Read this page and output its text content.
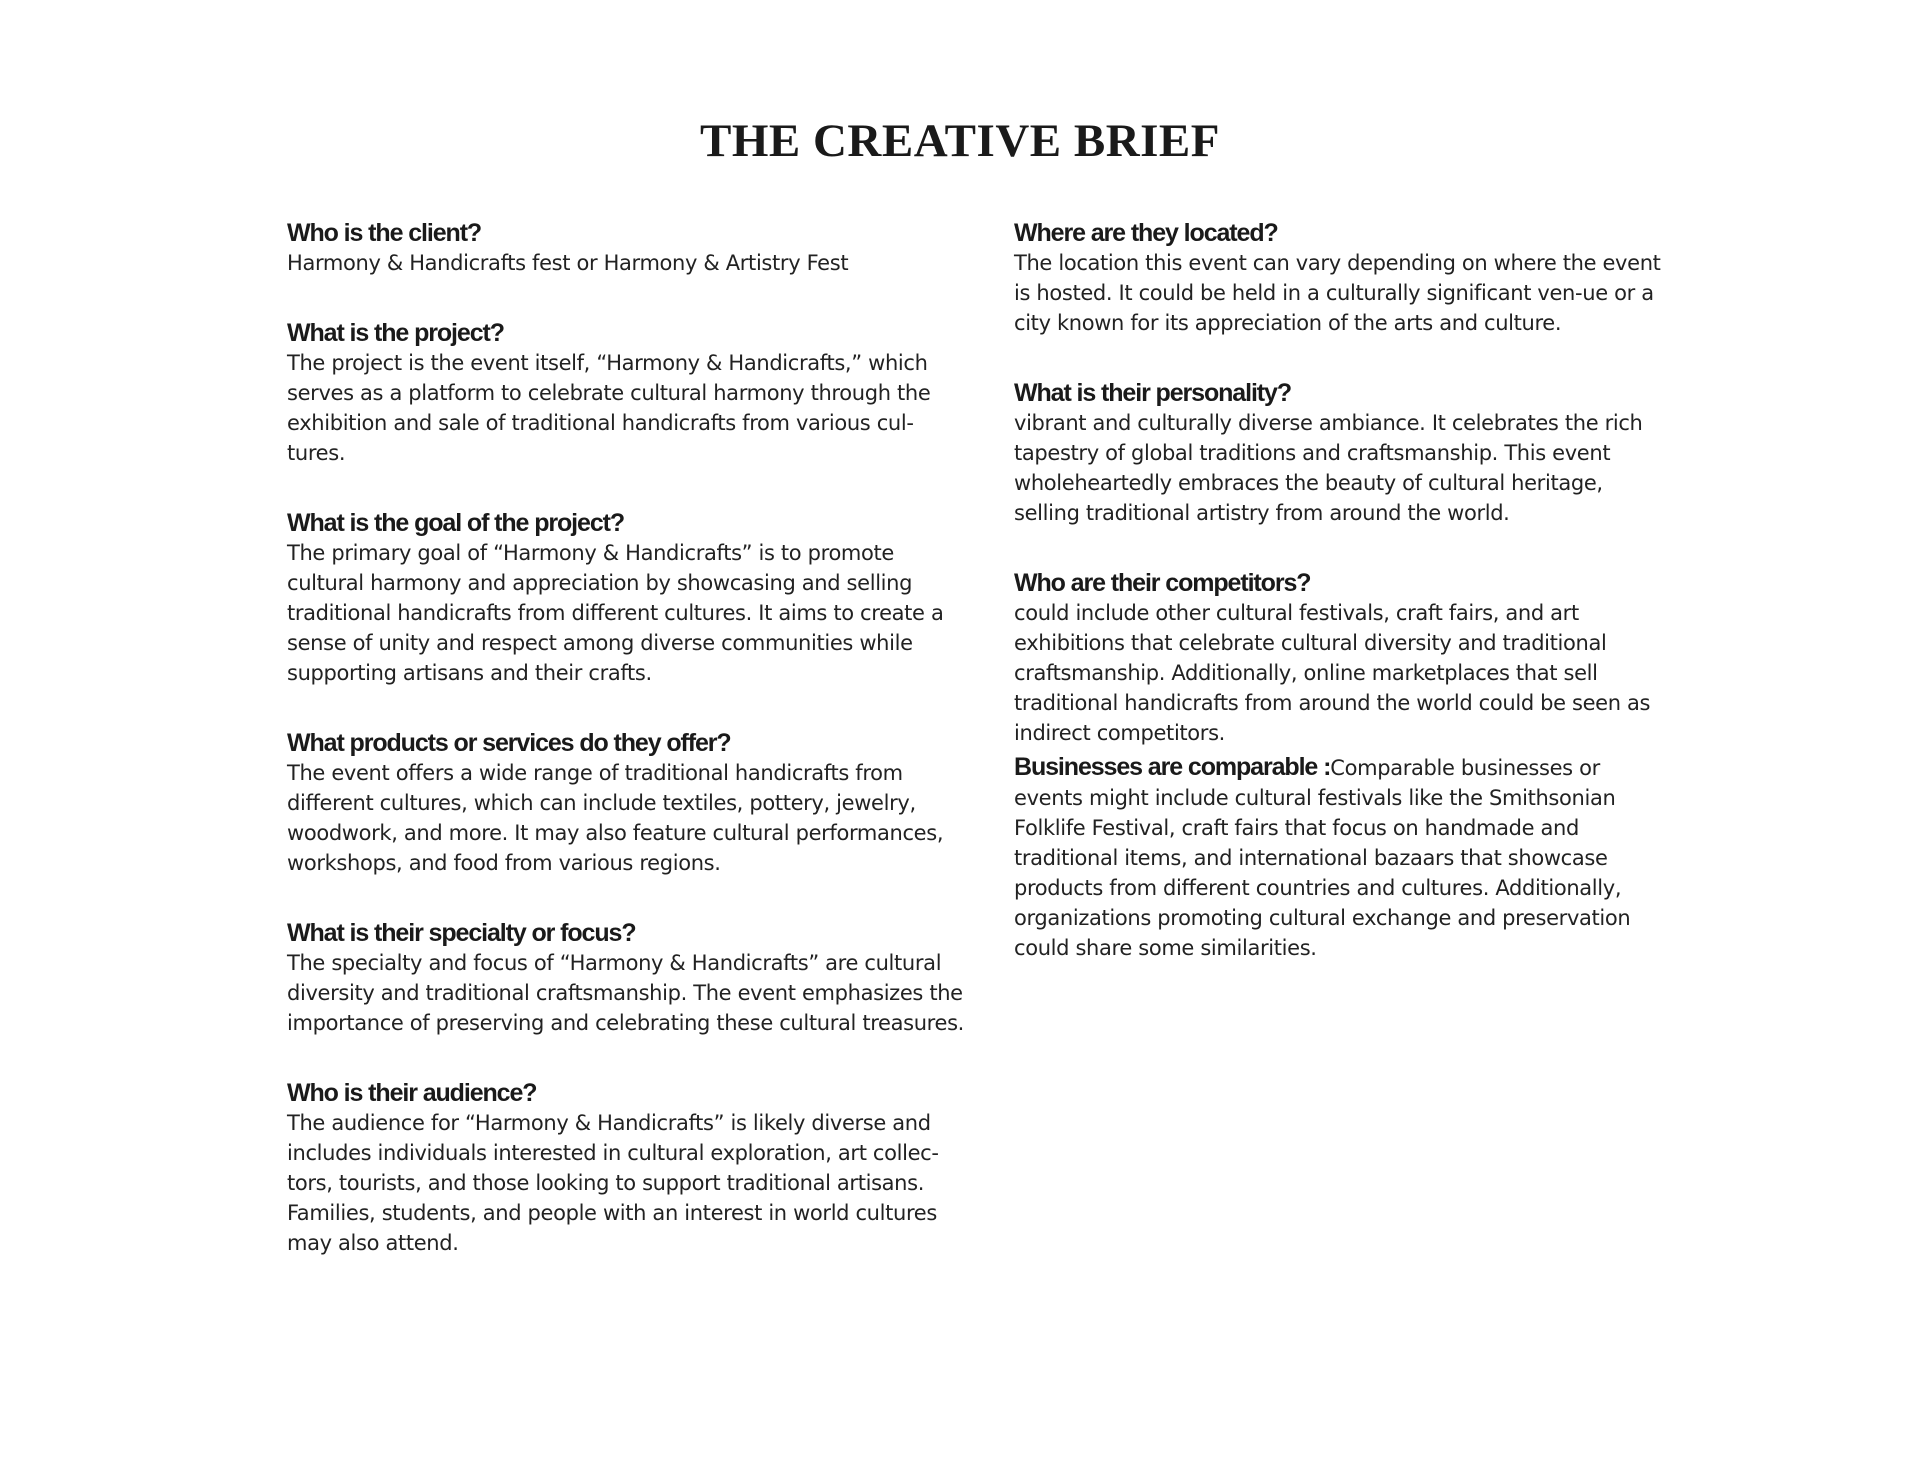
THE CREATIVE BRIEF

Who is the client?

Harmony & Handicrafts fest or Harmony & Artistry Fest

What is the project?

The project is the event itself, “Harmony & Handicrafts,” which serves as a platform to celebrate cultural harmony through the exhibition and sale of traditional handicrafts from various cul-tures.

What is the goal of the project?

The primary goal of “Harmony & Handicrafts” is to promote cultural harmony and appreciation by showcasing and selling traditional handicrafts from different cultures. It aims to create a sense of unity and respect among diverse communities while supporting artisans and their crafts.

What products or services do they offer?

The event offers a wide range of traditional handicrafts from different cultures, which can include textiles, pottery, jewelry, woodwork, and more. It may also feature cultural performances, workshops, and food from various regions.

What is their specialty or focus?

The specialty and focus of “Harmony & Handicrafts” are cultural diversity and traditional craftsmanship. The event emphasizes the importance of preserving and celebrating these cultural treasures.

Who is their audience?

The audience for “Harmony & Handicrafts” is likely diverse and includes individuals interested in cultural exploration, art collec-tors, tourists, and those looking to support traditional artisans. Families, students, and people with an interest in world cultures may also attend.

Where are they located?

The location this event can vary depending on where the event is hosted. It could be held in a culturally significant ven-ue or a city known for its appreciation of the arts and culture.

What is their personality?

vibrant and culturally diverse ambiance. It celebrates the rich tapestry of global traditions and craftsmanship. This event wholeheartedly embraces the beauty of cultural heritage, selling traditional artistry from around the world.

Who are their competitors?

could include other cultural festivals, craft fairs, and art exhibitions that celebrate cultural diversity and traditional craftsmanship. Additionally, online marketplaces that sell traditional handicrafts from around the world could be seen as indirect competitors.

Businesses are comparable :Comparable businesses or events might include cultural festivals like the Smithsonian Folklife Festival, craft fairs that focus on handmade and traditional items, and international bazaars that showcase products from different countries and cultures. Additionally, organizations promoting cultural exchange and preservation could share some similarities.
